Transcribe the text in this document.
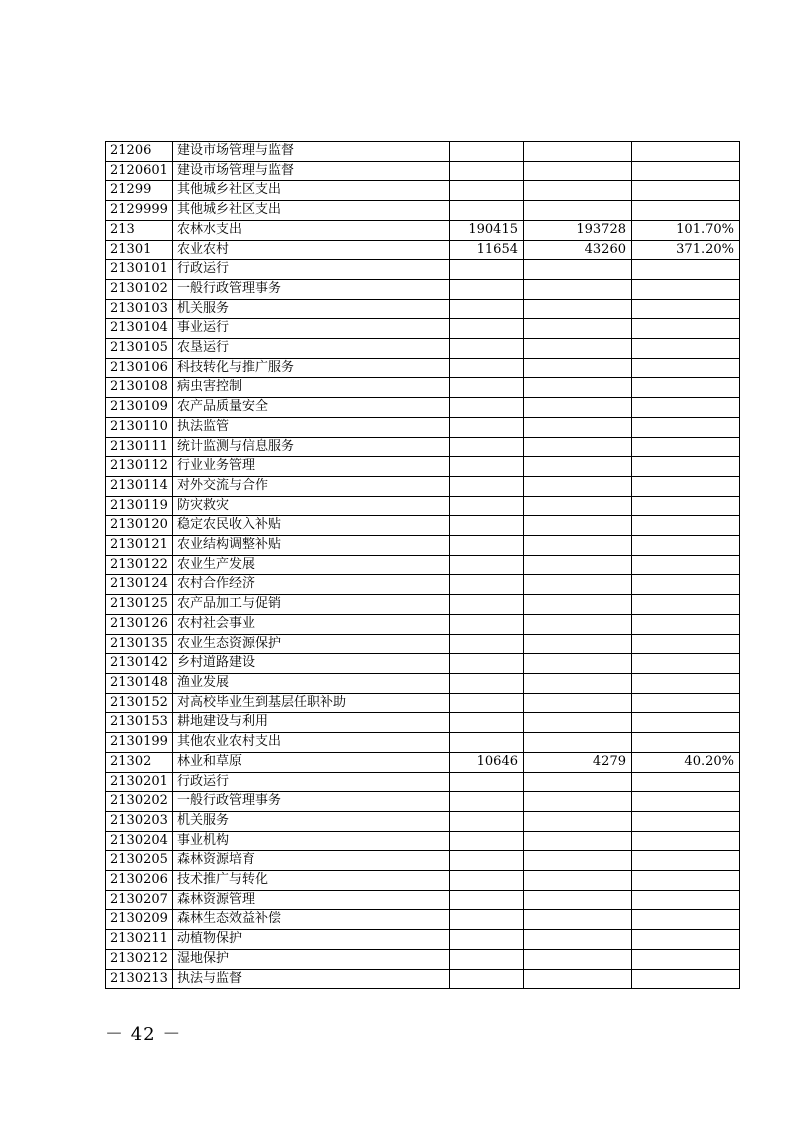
21206	建设市场管理与监督			
2120601	建设市场管理与监督			
21299	其他城乡社区支出			
2129999	其他城乡社区支出			
213	农林水支出	190415	193728	101.70%
21301	农业农村	11654	43260	371.20%
2130101	行政运行			
2130102	一般行政管理事务			
2130103	机关服务			
2130104	事业运行			
2130105	农垦运行			
2130106	科技转化与推广服务			
2130108	病虫害控制			
2130109	农产品质量安全			
2130110	执法监管			
2130111	统计监测与信息服务			
2130112	行业业务管理			
2130114	对外交流与合作			
2130119	防灾救灾			
2130120	稳定农民收入补贴			
2130121	农业结构调整补贴			
2130122	农业生产发展			
2130124	农村合作经济			
2130125	农产品加工与促销			
2130126	农村社会事业			
2130135	农业生态资源保护			
2130142	乡村道路建设			
2130148	渔业发展			
2130152	对高校毕业生到基层任职补助			
2130153	耕地建设与利用			
2130199	其他农业农村支出			
21302	林业和草原	10646	4279	40.20%
2130201	行政运行			
2130202	一般行政管理事务			
2130203	机关服务			
2130204	事业机构			
2130205	森林资源培育			
2130206	技术推广与转化			
2130207	森林资源管理			
2130209	森林生态效益补偿			
2130211	动植物保护			
2130212	湿地保护			
2130213	执法与监督			
－ 42 －
